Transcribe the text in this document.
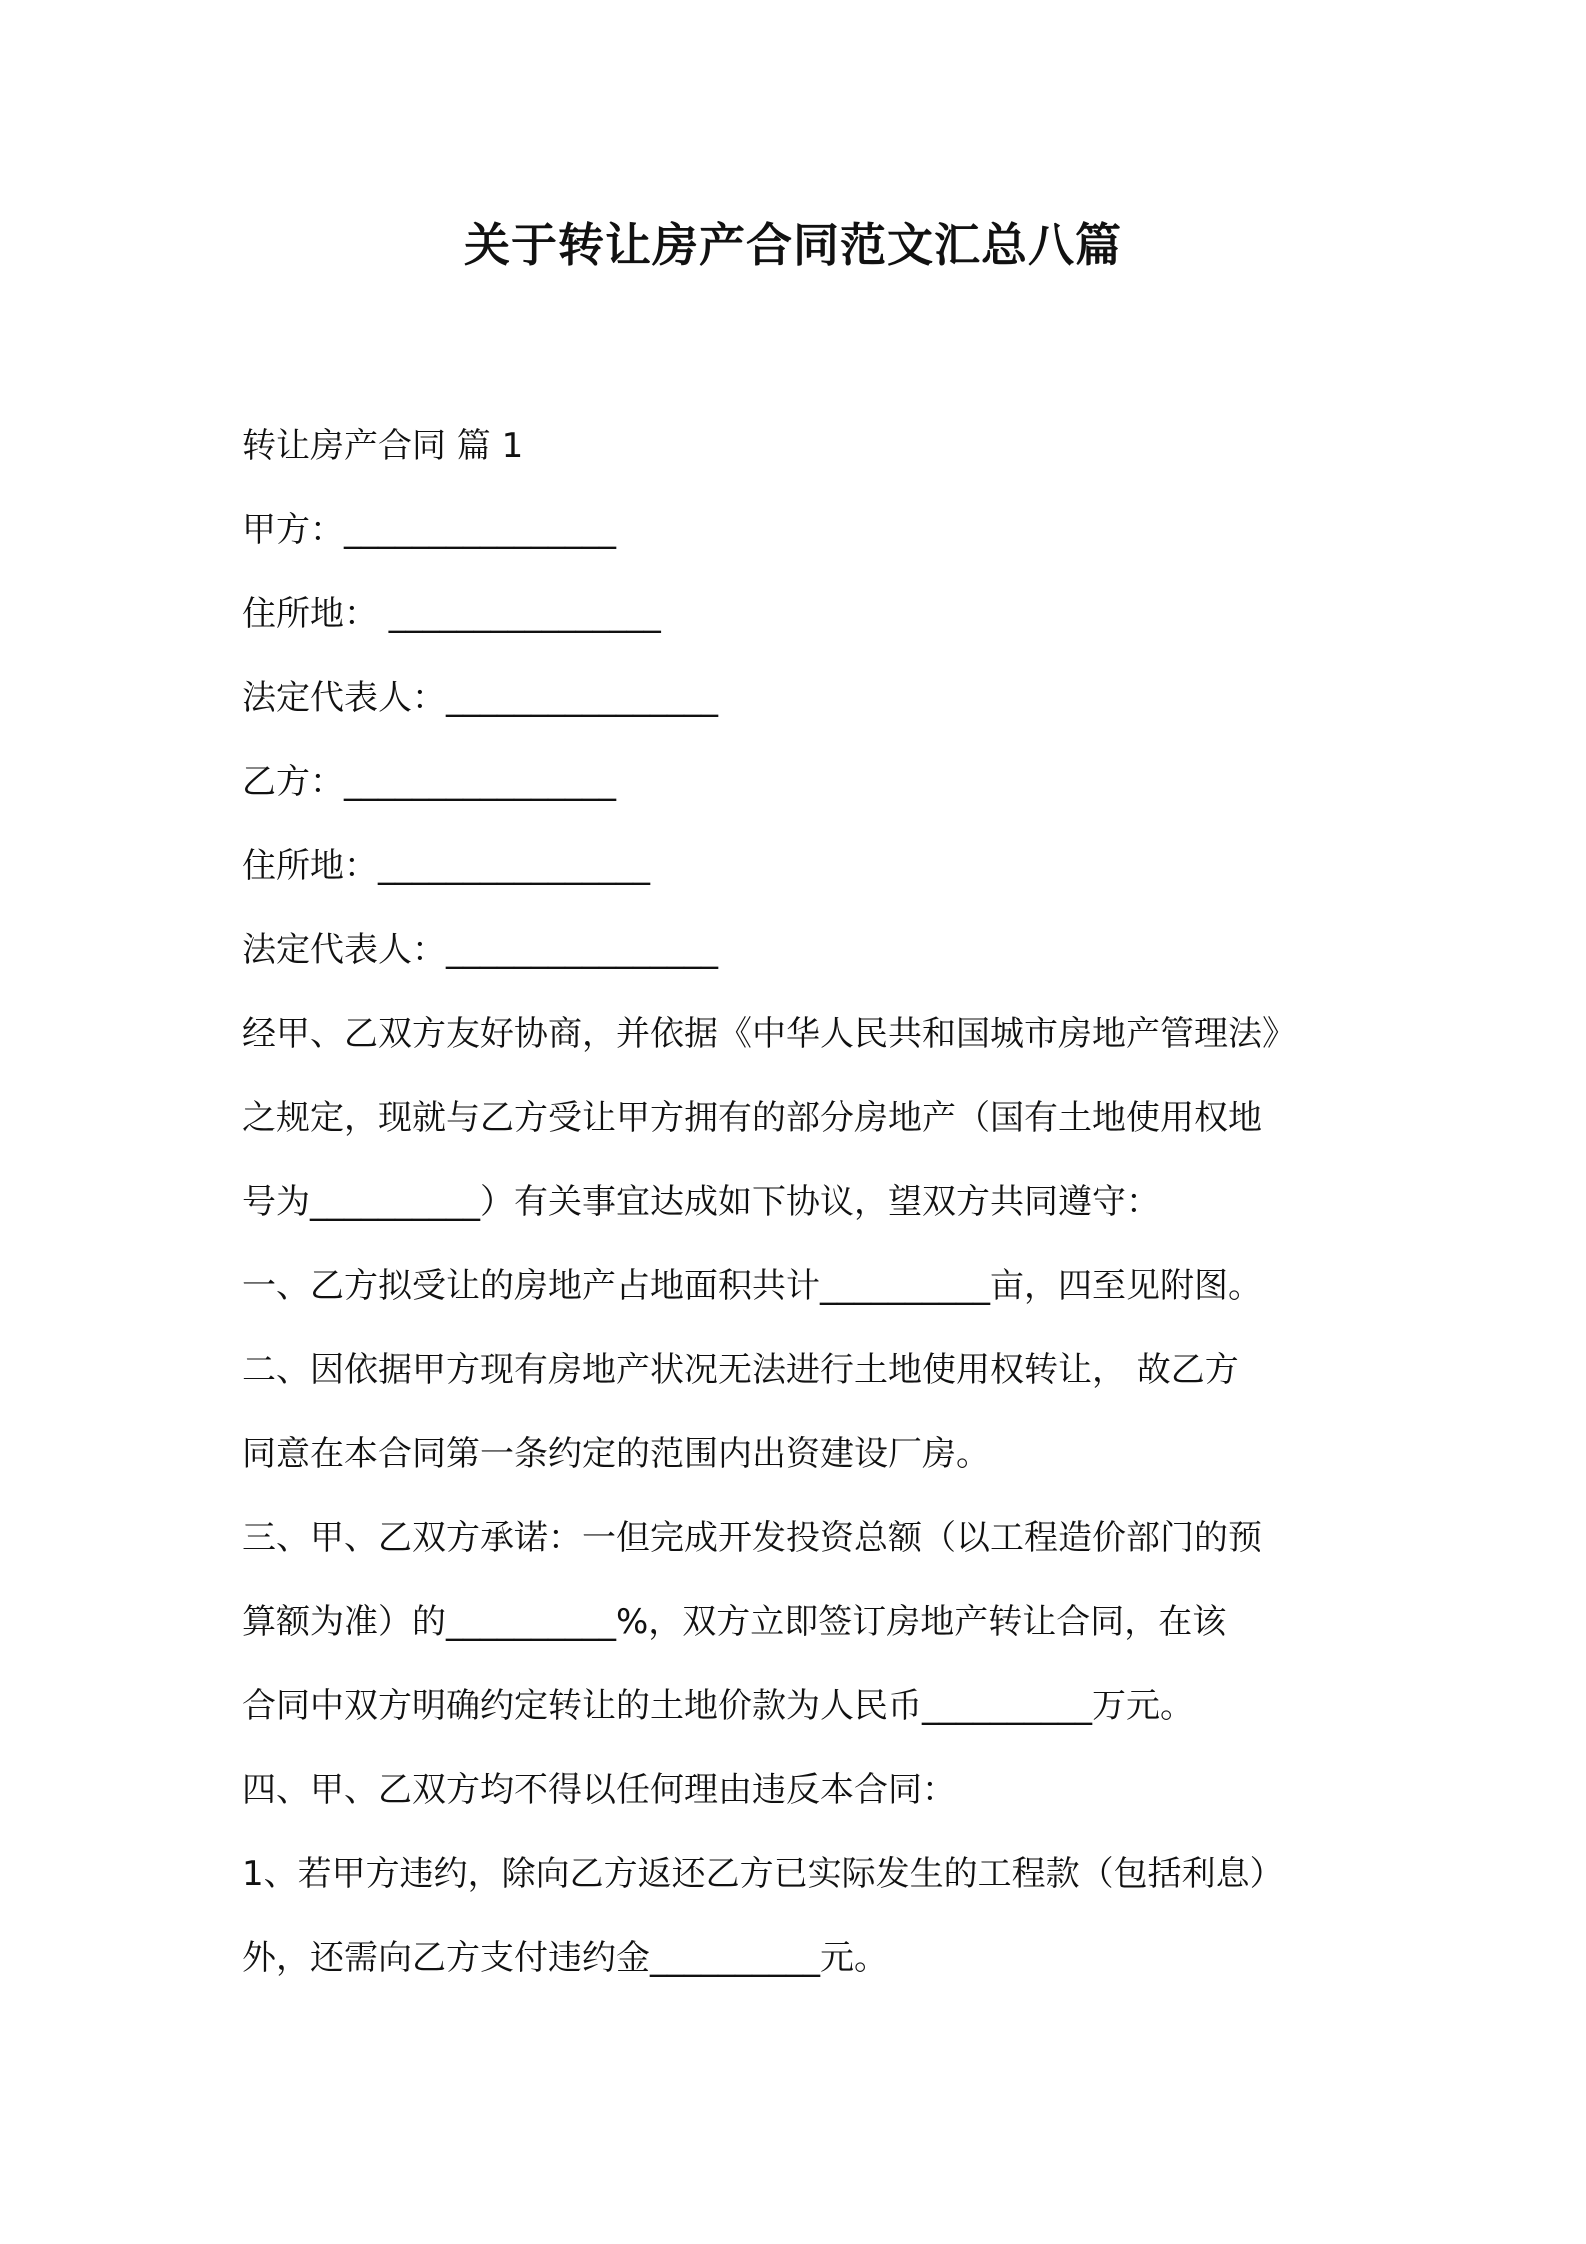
关于转让房产合同范文汇总八篇

转让房产合同 篇 1

甲方：________________

住所地： ________________

法定代表人：________________

乙方：________________

住所地：________________

法定代表人：________________

经甲、乙双方友好协商，并依据《中华人民共和国城市房地产管理法》

之规定，现就与乙方受让甲方拥有的部分房地产（国有土地使用权地

号为__________）有关事宜达成如下协议，望双方共同遵守：

一、乙方拟受让的房地产占地面积共计__________亩，四至见附图。

二、因依据甲方现有房地产状况无法进行土地使用权转让， 故乙方

同意在本合同第一条约定的范围内出资建设厂房。

三、甲、乙双方承诺：一但完成开发投资总额（以工程造价部门的预

算额为准）的__________%，双方立即签订房地产转让合同，在该

合同中双方明确约定转让的土地价款为人民币__________万元。

四、甲、乙双方均不得以任何理由违反本合同：

1、若甲方违约，除向乙方返还乙方已实际发生的工程款（包括利息）

外，还需向乙方支付违约金__________元。
